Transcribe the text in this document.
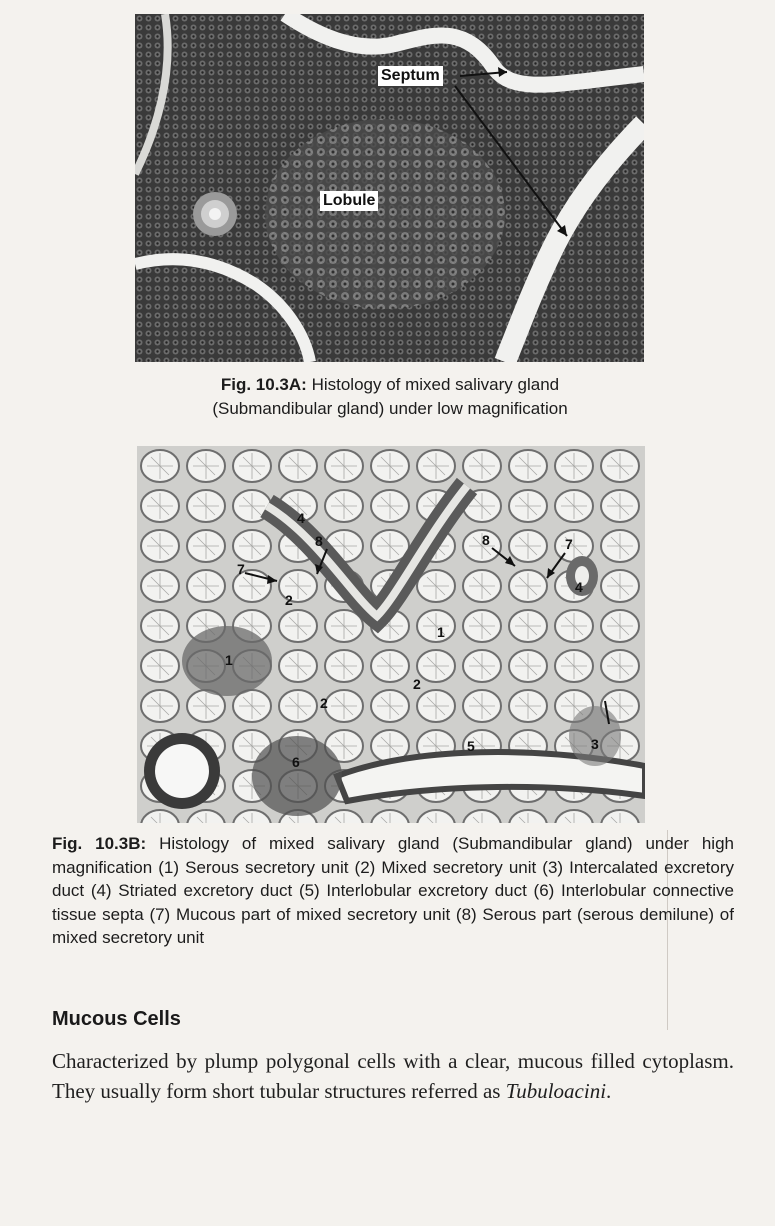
Septum
Lobule
Fig. 10.3A: Histology of mixed salivary gland
(Submandibular gland) under low magnification
4
8
7
2
8	7
4
1
1
2
2
5
6
3
Fig. 10.3B: Histology of mixed salivary gland (Submandibular gland) under high magnification (1) Serous secretory unit (2) Mixed secretory unit (3) Intercalated excretory duct (4) Striated excretory duct (5) Interlobular excretory duct (6) Interlobular connective tissue septa (7) Mucous part of mixed secretory unit (8) Serous part (serous demilune) of mixed secretory unit
Mucous Cells

Characterized by plump polygonal cells with a clear, mucous filled cytoplasm. They usually form short tubular structures referred as Tubuloacini.
